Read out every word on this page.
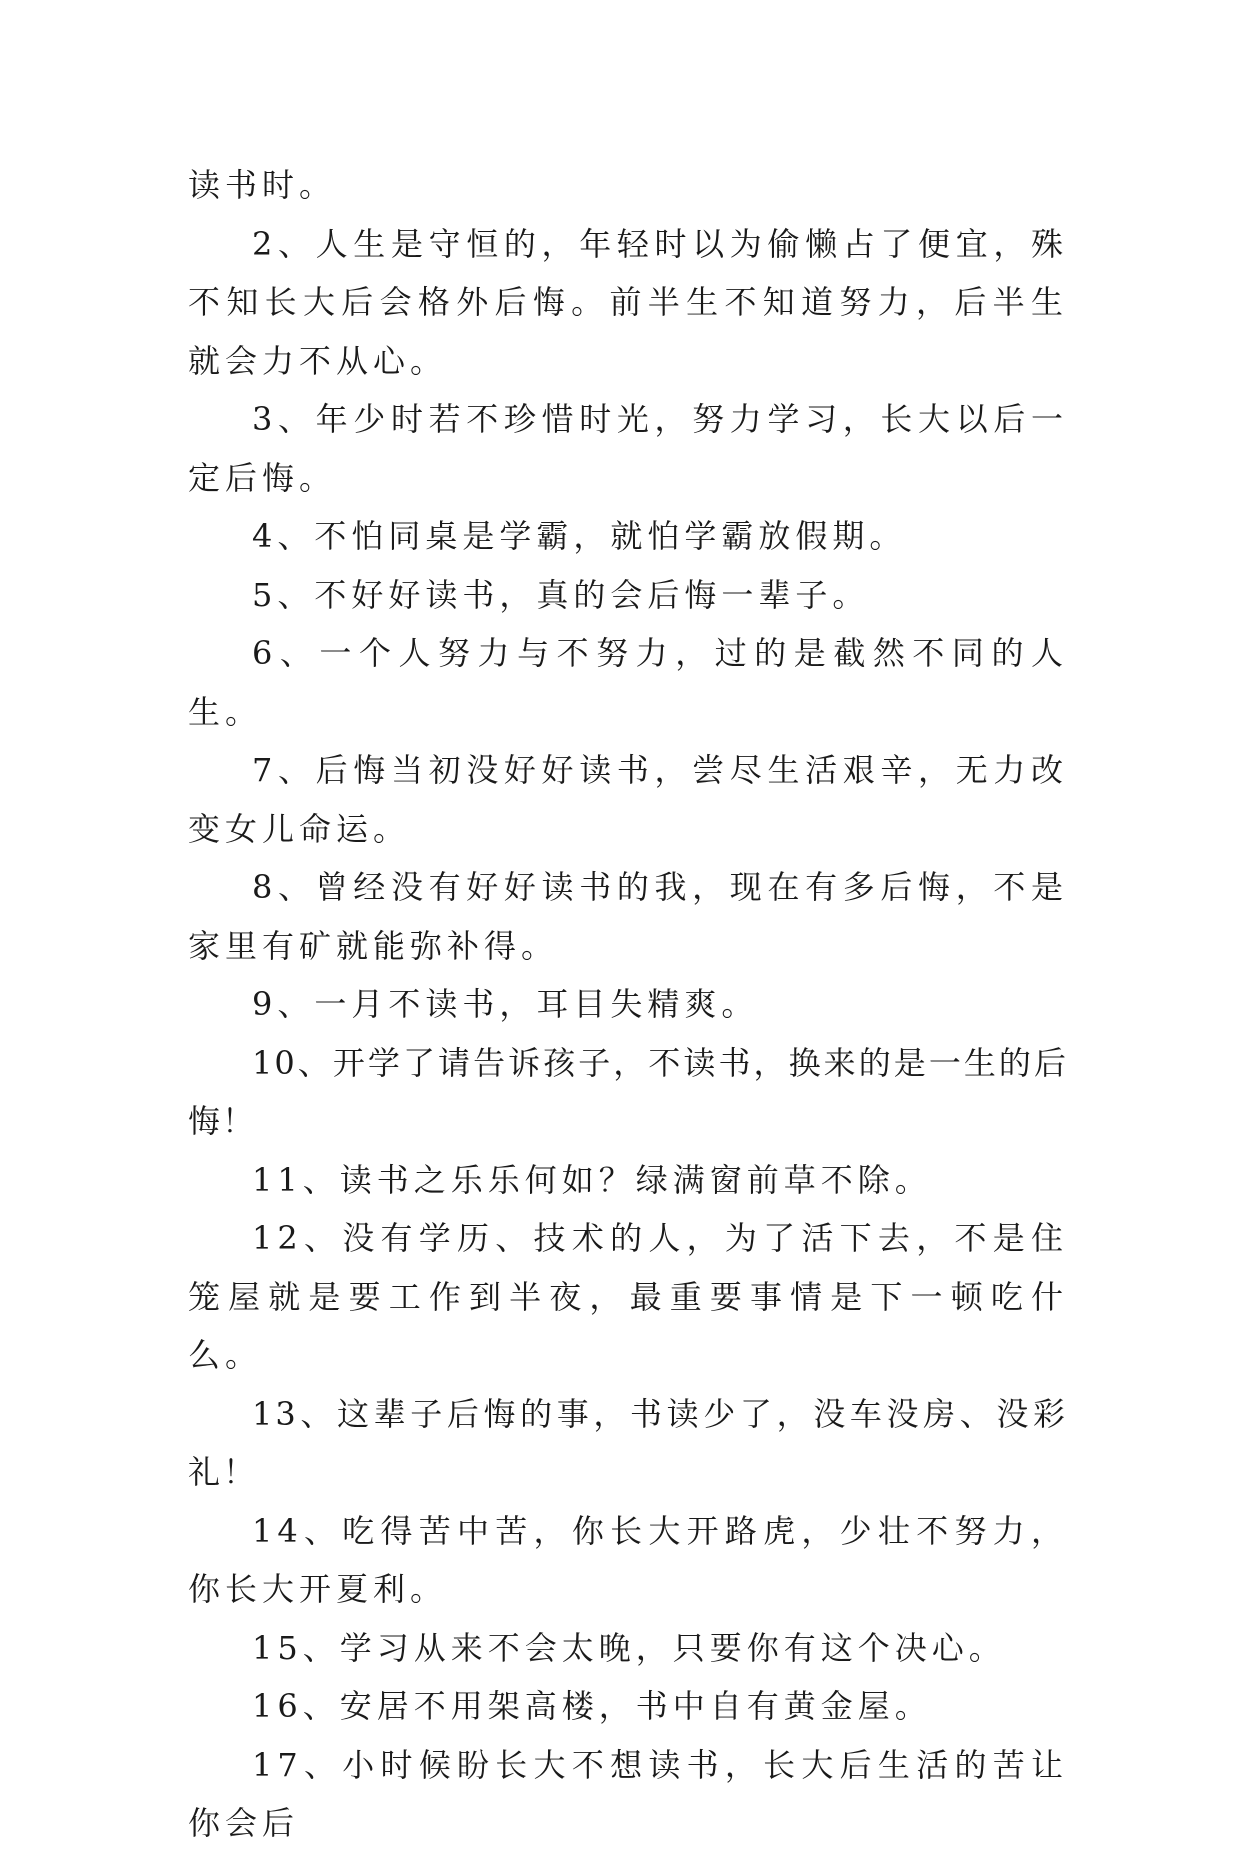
读书时。

2、人生是守恒的，年轻时以为偷懒占了便宜，殊不知长大后会格外后悔。前半生不知道努力，后半生就会力不从心。

3、年少时若不珍惜时光，努力学习，长大以后一定后悔。

4、不怕同桌是学霸，就怕学霸放假期。

5、不好好读书，真的会后悔一辈子。

6、一个人努力与不努力，过的是截然不同的人生。

7、后悔当初没好好读书，尝尽生活艰辛，无力改变女儿命运。

8、曾经没有好好读书的我，现在有多后悔，不是家里有矿就能弥补得。

9、一月不读书，耳目失精爽。

10、开学了请告诉孩子，不读书，换来的是一生的后悔！

11、读书之乐乐何如？绿满窗前草不除。

12、没有学历、技术的人，为了活下去，不是住笼屋就是要工作到半夜，最重要事情是下一顿吃什么。

13、这辈子后悔的事，书读少了，没车没房、没彩礼！

14、吃得苦中苦，你长大开路虎，少壮不努力，你长大开夏利。

15、学习从来不会太晚，只要你有这个决心。

16、安居不用架高楼，书中自有黄金屋。

17、小时候盼长大不想读书，长大后生活的苦让你会后
